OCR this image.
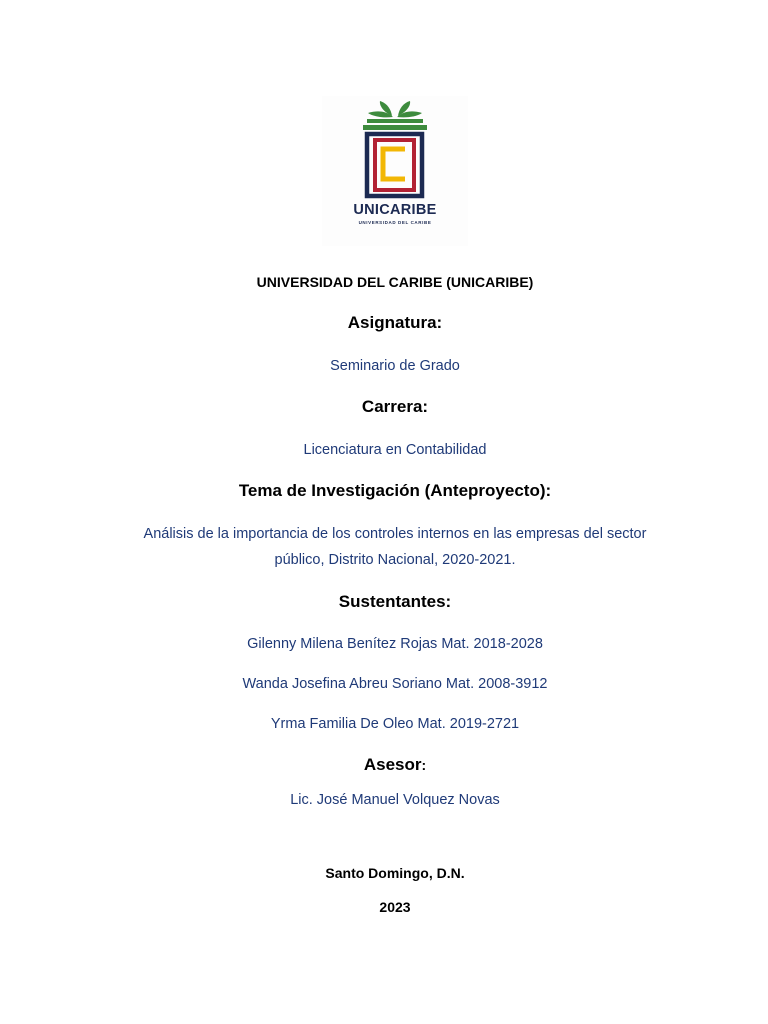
UNICARIBE
UNIVERSIDAD DEL CARIBE
UNIVERSIDAD DEL CARIBE (UNICARIBE)
Asignatura:
Seminario de Grado
Carrera:
Licenciatura en Contabilidad
Tema de Investigación (Anteproyecto):
Análisis de la importancia de los controles internos en las empresas del sector
público, Distrito Nacional, 2020-2021.
Sustentantes:
Gilenny Milena Benítez Rojas Mat. 2018-2028
Wanda Josefina Abreu Soriano Mat. 2008-3912
Yrma Familia De Oleo Mat. 2019-2721
Asesor:
Lic. José Manuel Volquez Novas
Santo Domingo, D.N.
2023
